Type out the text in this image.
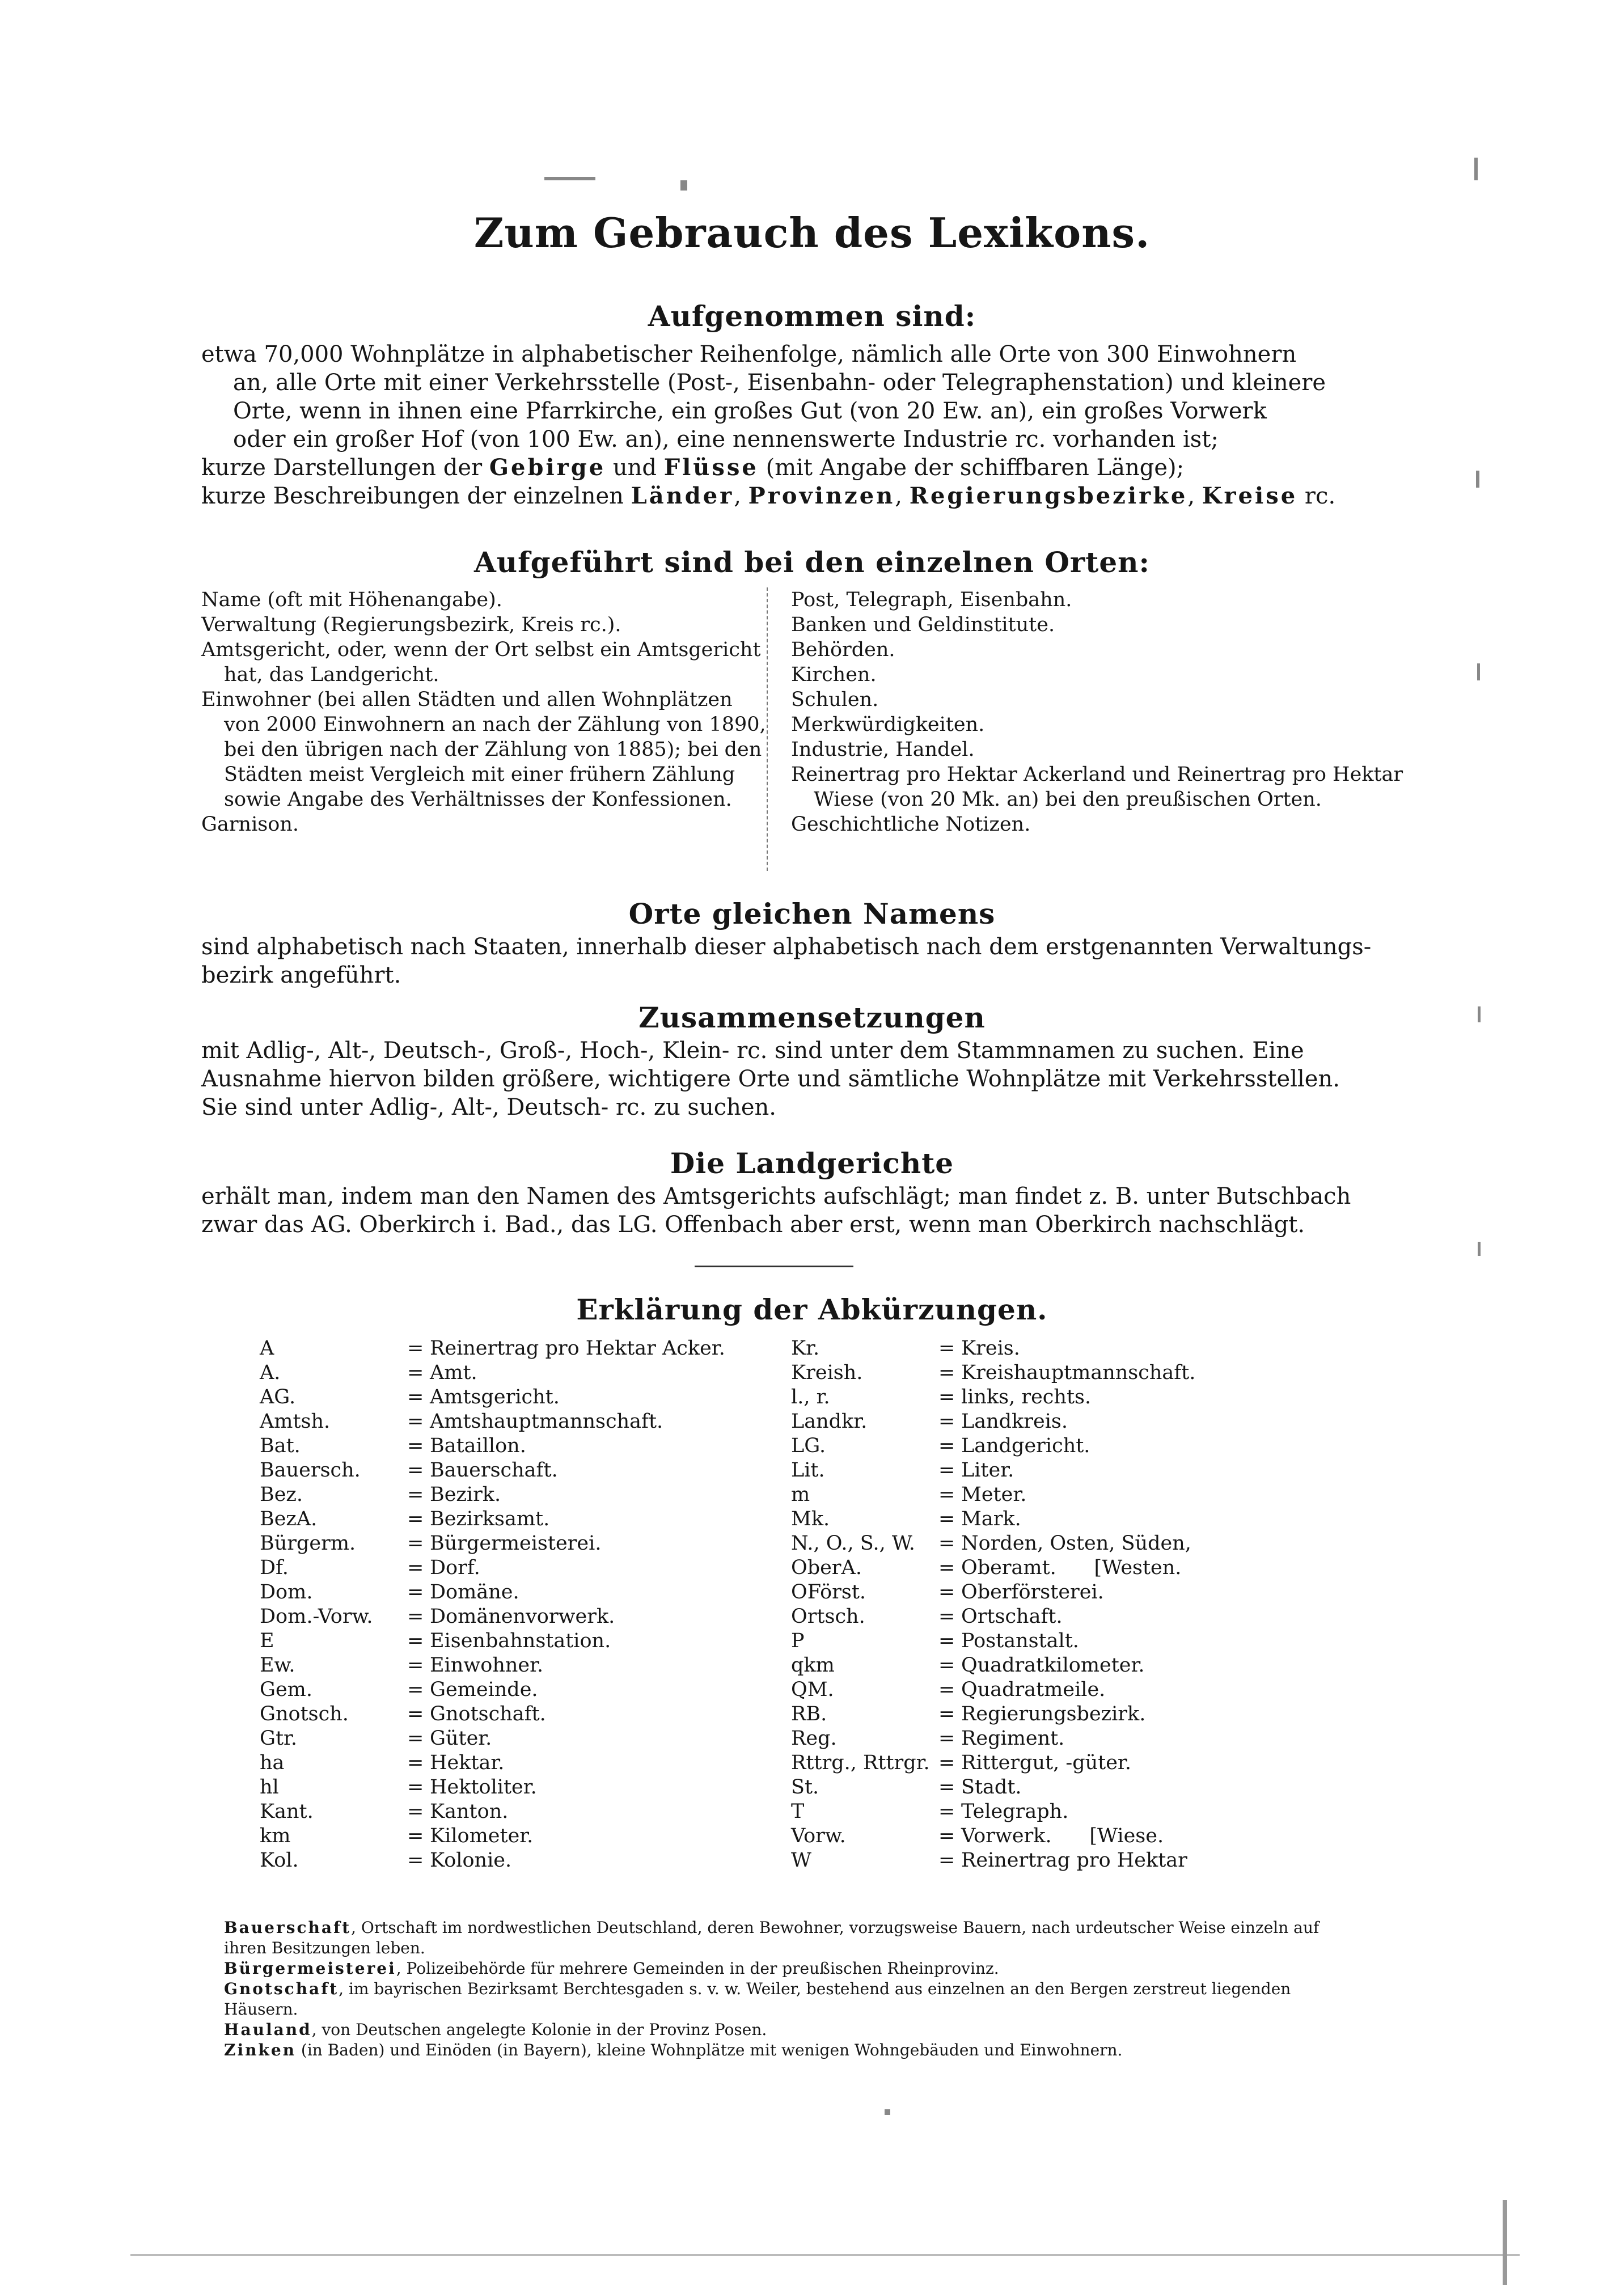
Zum Gebrauch des Lexikons.
Aufgenommen sind:
etwa 70,000 Wohnplätze in alphabetischer Reihenfolge, nämlich alle Orte von 300 Einwohnern
an, alle Orte mit einer Verkehrsstelle (Post-, Eisenbahn- oder Telegraphenstation) und kleinere
Orte, wenn in ihnen eine Pfarrkirche, ein großes Gut (von 20 Ew. an), ein großes Vorwerk
oder ein großer Hof (von 100 Ew. an), eine nennenswerte Industrie rc. vorhanden ist;
kurze Darstellungen der Gebirge und Flüsse (mit Angabe der schiffbaren Länge);
kurze Beschreibungen der einzelnen Länder, Provinzen, Regierungsbezirke, Kreise rc.
Aufgeführt sind bei den einzelnen Orten:
Name (oft mit Höhenangabe).
Verwaltung (Regierungsbezirk, Kreis rc.).
Amtsgericht, oder, wenn der Ort selbst ein Amtsgericht hat, das Landgericht.
Einwohner (bei allen Städten und allen Wohnplätzen von 2000 Einwohnern an nach der Zählung von 1890, bei den übrigen nach der Zählung von 1885); bei den Städten meist Vergleich mit einer frühern Zählung sowie Angabe des Verhältnisses der Konfessionen.
Garnison.
Post, Telegraph, Eisenbahn.
Banken und Geldinstitute.
Behörden.
Kirchen.
Schulen.
Merkwürdigkeiten.
Industrie, Handel.
Reinertrag pro Hektar Ackerland und Reinertrag pro Hektar Wiese (von 20 Mk. an) bei den preußischen Orten.
Geschichtliche Notizen.
Orte gleichen Namens
sind alphabetisch nach Staaten, innerhalb dieser alphabetisch nach dem erstgenannten Verwaltungs-
bezirk angeführt.
Zusammensetzungen
mit Adlig-, Alt-, Deutsch-, Groß-, Hoch-, Klein- rc. sind unter dem Stammnamen zu suchen. Eine
Ausnahme hiervon bilden größere, wichtigere Orte und sämtliche Wohnplätze mit Verkehrsstellen.
Sie sind unter Adlig-, Alt-, Deutsch- rc. zu suchen.
Die Landgerichte
erhält man, indem man den Namen des Amtsgerichts aufschlägt; man findet z. B. unter Butschbach
zwar das AG. Oberkirch i. Bad., das LG. Offenbach aber erst, wenn man Oberkirch nachschlägt.
Erklärung der Abkürzungen.
A	= Reinertrag pro Hektar Acker.
A.	= Amt.
AG.	= Amtsgericht.
Amtsh.	= Amtshauptmannschaft.
Bat.	= Bataillon.
Bauersch.	= Bauerschaft.
Bez.	= Bezirk.
BezA.	= Bezirksamt.
Bürgerm.	= Bürgermeisterei.
Df.	= Dorf.
Dom.	= Domäne.
Dom.-Vorw.	= Domänenvorwerk.
E	= Eisenbahnstation.
Ew.	= Einwohner.
Gem.	= Gemeinde.
Gnotsch.	= Gnotschaft.
Gtr.	= Güter.
ha	= Hektar.
hl	= Hektoliter.
Kant.	= Kanton.
km	= Kilometer.
Kol.	= Kolonie.
Kr.	= Kreis.
Kreish.	= Kreishauptmannschaft.
l., r.	= links, rechts.
Landkr.	= Landkreis.
LG.	= Landgericht.
Lit.	= Liter.
m	= Meter.
Mk.	= Mark.
N., O., S., W.	= Norden, Osten, Süden,
OberA.	= Oberamt.      [Westen.
OFörst.	= Oberförsterei.
Ortsch.	= Ortschaft.
P	= Postanstalt.
qkm	= Quadratkilometer.
QM.	= Quadratmeile.
RB.	= Regierungsbezirk.
Reg.	= Regiment.
Rttrg., Rttrgr. = Rittergut, -güter.
St.	= Stadt.
T	= Telegraph.
Vorw.	= Vorwerk.      [Wiese.
W	= Reinertrag pro Hektar

Bauerschaft, Ortschaft im nordwestlichen Deutschland, deren Bewohner, vorzugsweise Bauern, nach urdeutscher Weise einzeln auf ihren Besitzungen leben.

Bürgermeisterei, Polizeibehörde für mehrere Gemeinden in der preußischen Rheinprovinz.

Gnotschaft, im bayrischen Bezirksamt Berchtesgaden s. v. w. Weiler, bestehend aus einzelnen an den Bergen zerstreut liegenden Häusern.

Hauland, von Deutschen angelegte Kolonie in der Provinz Posen.

Zinken (in Baden) und Einöden (in Bayern), kleine Wohnplätze mit wenigen Wohngebäuden und Einwohnern.
